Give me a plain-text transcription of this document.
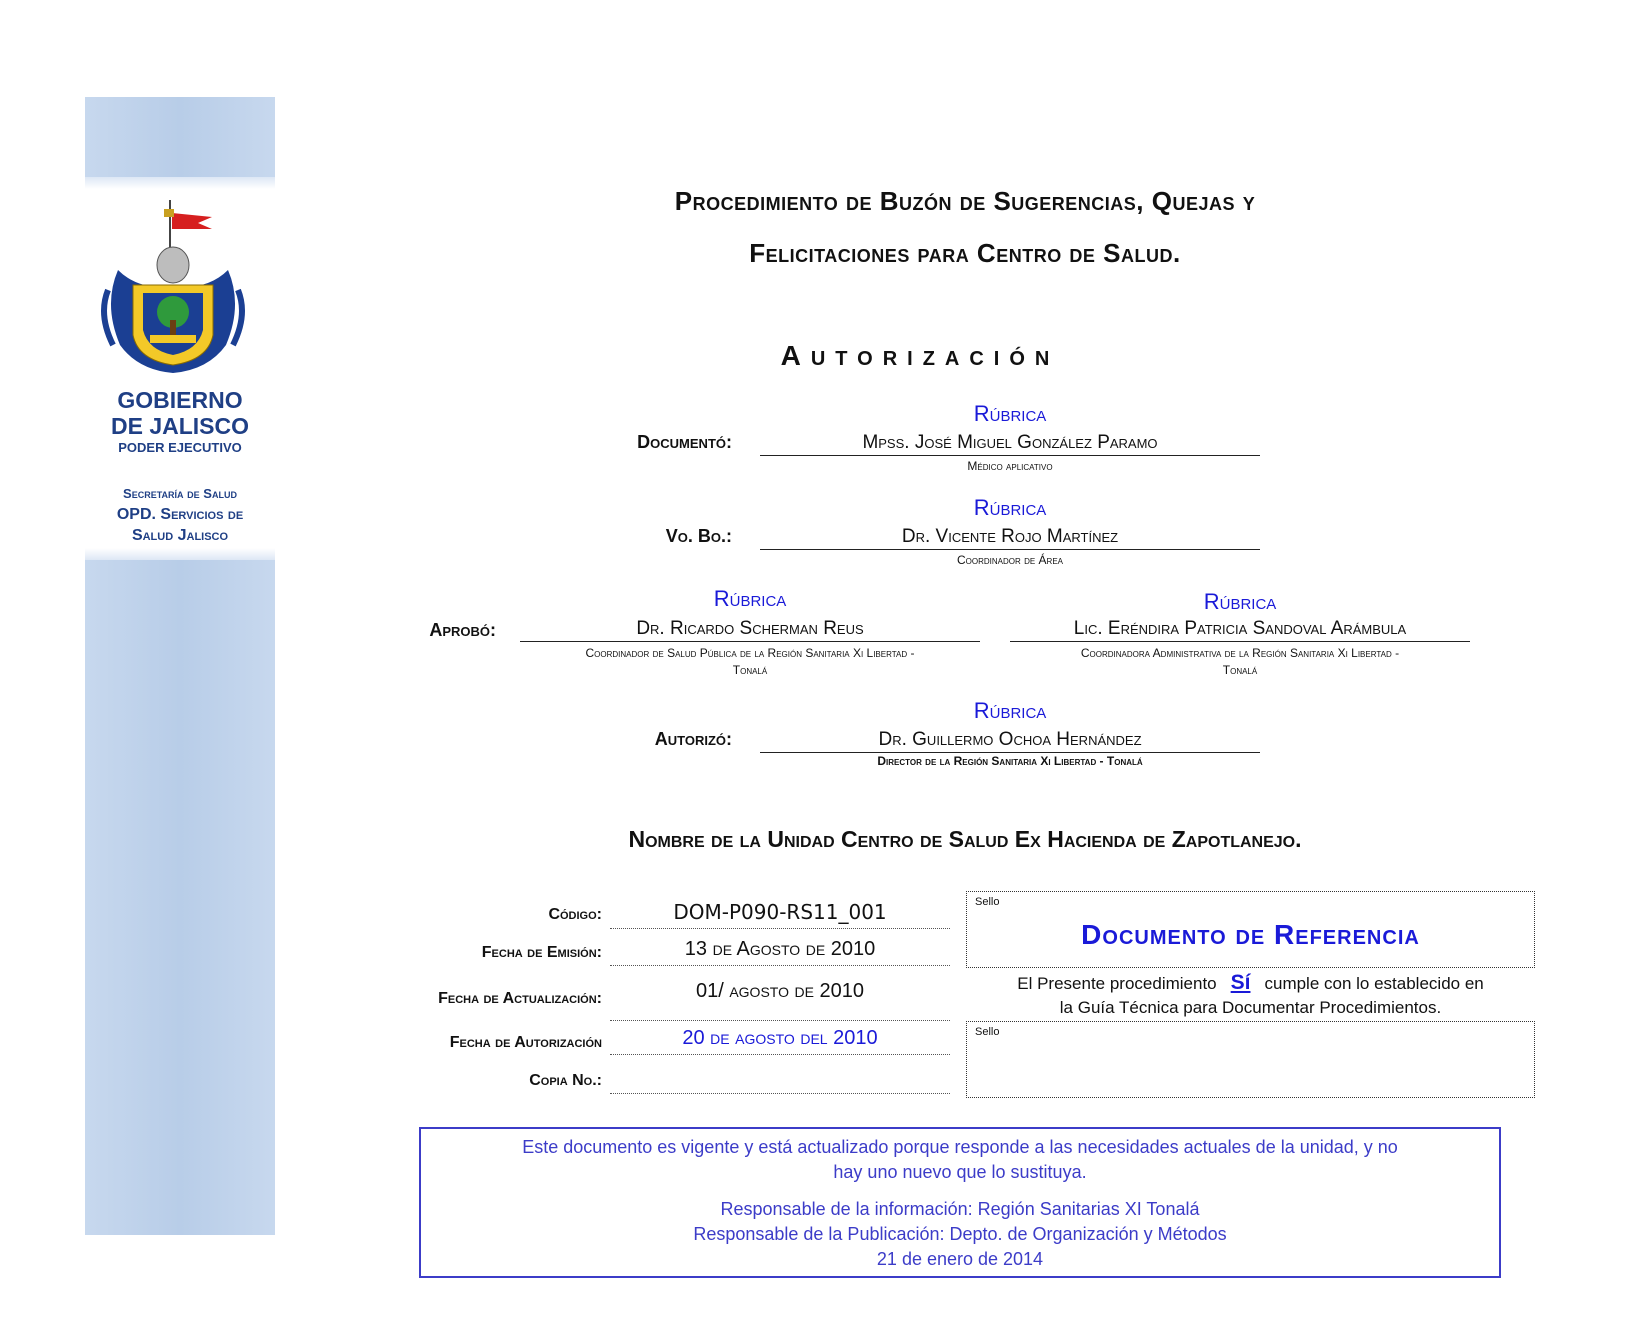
GOBIERNO
DE JALISCO
PODER EJECUTIVO
Secretaría de Salud
OPD. Servicios de
Salud Jalisco
Procedimiento de Buzón de Sugerencias, Quejas y
Felicitaciones para Centro de Salud.
Autorización
Documentó:
Rúbrica
Mpss. José Miguel González Paramo
Médico aplicativo
Vo. Bo.:
Rúbrica
Dr. Vicente Rojo Martínez
Coordinador de Área
Aprobó:
Rúbrica
Dr. Ricardo Scherman Reus
Coordinador de Salud Pública de la Región Sanitaria Xi Libertad -
Tonalá
Rúbrica
Lic. Eréndira Patricia Sandoval Arámbula
Coordinadora Administrativa de la Región Sanitaria Xi Libertad -
Tonalá
Autorizó:
Rúbrica
Dr. Guillermo Ochoa Hernández
Director de la Región Sanitaria Xi Libertad - Tonalá
Nombre de la Unidad Centro de Salud Ex Hacienda de Zapotlanejo.
Código:	DOM-P090-RS11_001
Fecha de Emisión:	13 de Agosto de 2010
Fecha de Actualización:	01/ agosto de 2010
Fecha de Autorización	20 de agosto del 2010
Copia No.:
Sello
Documento de Referencia
El Presente procedimiento Sí cumple con lo establecido en
la Guía Técnica para Documentar Procedimientos.
Sello

Este documento es vigente y está actualizado porque responde a las necesidades actuales de la unidad, y no

hay uno nuevo que lo sustituya.

Responsable de la información: Región Sanitarias XI Tonalá

Responsable de la Publicación: Depto. de Organización y Métodos

21 de enero de 2014
